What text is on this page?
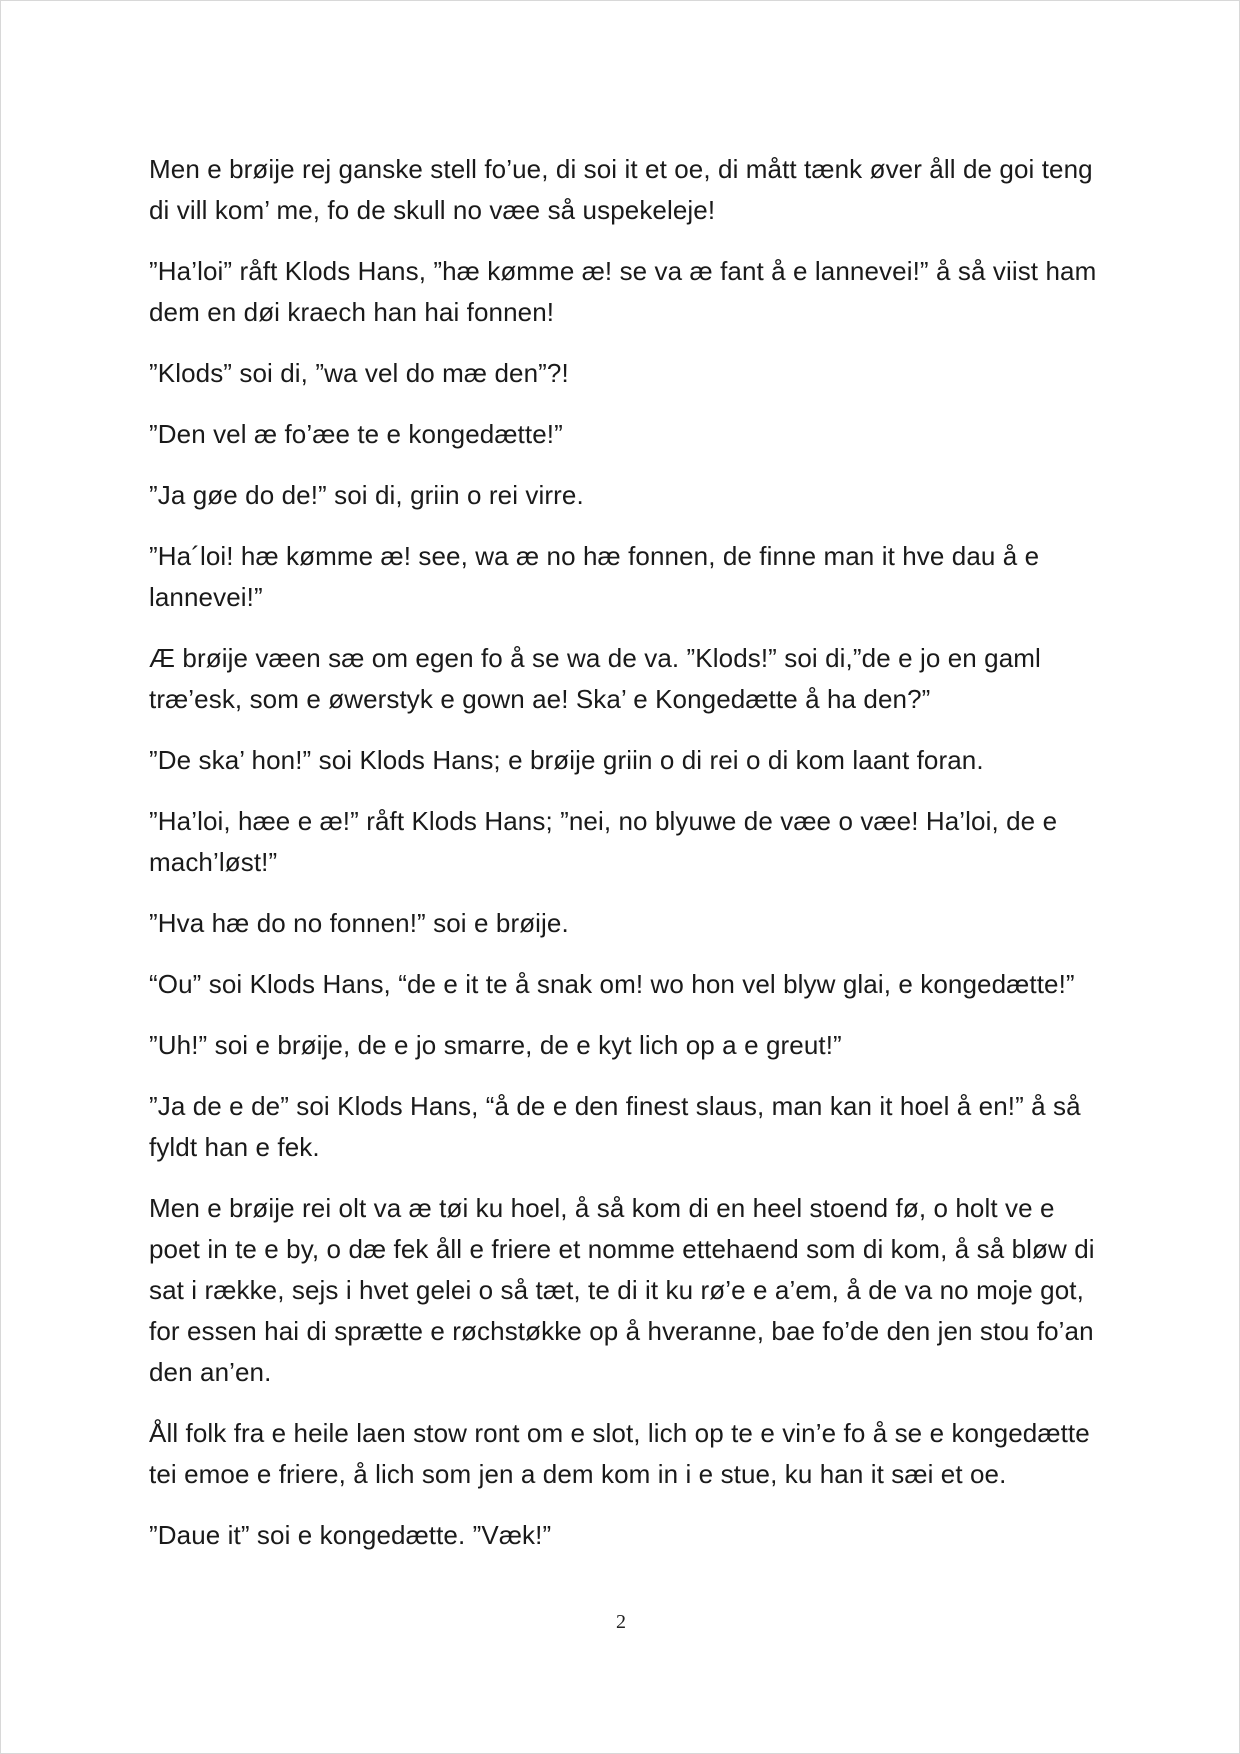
Men e brøije rej ganske stell fo’ue, di soi it et oe, di mått tænk øver åll de goi teng di vill kom’ me, fo de skull no væe så uspekeleje!

”Ha’loi” råft Klods Hans, ”hæ kømme æ! se va æ fant å e lannevei!” å så viist ham dem en døi kraech han hai fonnen!

”Klods” soi di, ”wa vel do mæ den”?!

”Den vel æ fo’æe te e kongedætte!”

”Ja gøe do de!” soi di, griin o rei virre.

”Ha´loi! hæ kømme æ! see, wa æ no hæ fonnen, de finne man it hve dau å e lannevei!”

Æ brøije væen sæ om egen fo å se wa de va. ”Klods!” soi di,”de e jo en gaml træ’esk, som e øwerstyk e gown ae! Ska’ e Kongedætte å ha den?”

”De ska’ hon!” soi Klods Hans; e brøije griin o di rei o di kom laant foran.

”Ha’loi, hæe e æ!” råft Klods Hans; ”nei, no blyuwe de væe o væe! Ha’loi, de e mach’løst!”

”Hva hæ do no fonnen!” soi e brøije.

“Ou” soi Klods Hans, “de e it te å snak om! wo hon vel blyw glai, e kongedætte!”

”Uh!” soi e brøije, de e jo smarre, de e kyt lich op a e greut!”

”Ja de e de” soi Klods Hans, “å de e den finest slaus, man kan it hoel å en!” å så fyldt han e fek.

Men e brøije rei olt va æ tøi ku hoel, å så kom di en heel stoend fø, o holt ve e poet in te e by, o dæ fek åll e friere et nomme ettehaend som di kom, å så bløw di sat i række, sejs i hvet gelei o så tæt, te di it ku rø’e e a’em, å de va no moje got, for essen hai di sprætte e røchstøkke op å hveranne, bae fo’de den jen stou fo’an den an’en.

Åll folk fra e heile laen stow ront om e slot, lich op te e vin’e fo å se e kongedætte tei emoe e friere, å lich som jen a dem kom in i e stue, ku han it sæi et oe.

”Daue it” soi e kongedætte. ”Væk!”

2
